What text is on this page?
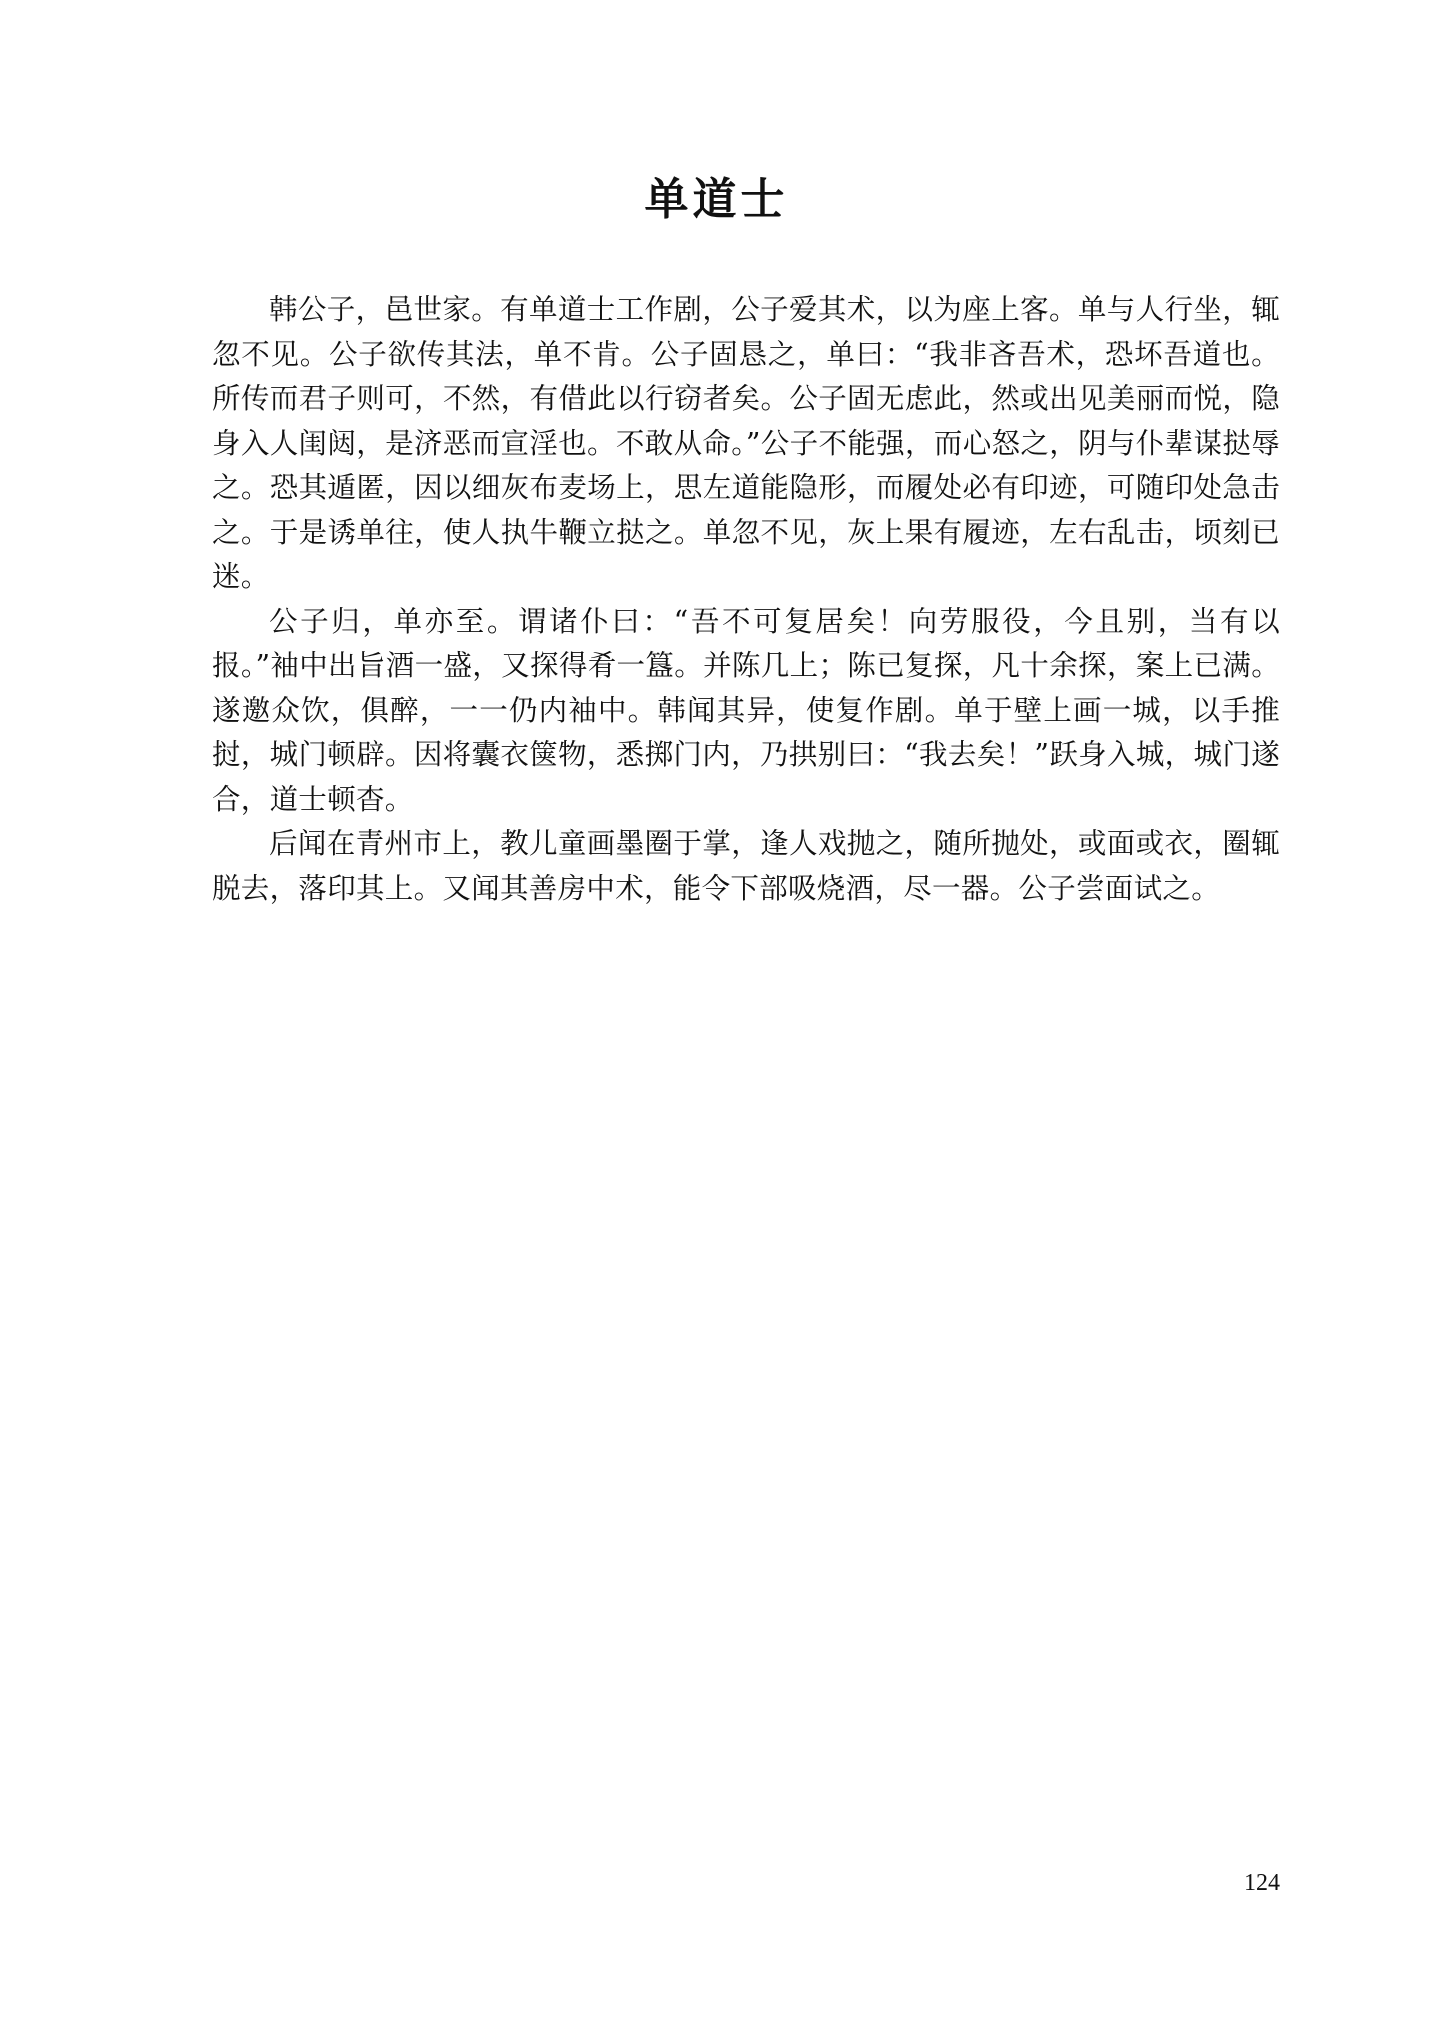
单道士

韩公子，邑世家。有单道士工作剧，公子爱其术，以为座上客。单与人行坐，辄忽不见。公子欲传其法，单不肯。公子固恳之，单曰：“我非吝吾术，恐坏吾道也。所传而君子则可，不然，有借此以行窃者矣。公子固无虑此，然或出见美丽而悦，隐身入人闺闼，是济恶而宣淫也。不敢从命。”公子不能强，而心怒之，阴与仆辈谋挞辱之。恐其遁匿，因以细灰布麦场上，思左道能隐形，而履处必有印迹，可随印处急击之。于是诱单往，使人执牛鞭立挞之。单忽不见，灰上果有履迹，左右乱击，顷刻已迷。

公子归，单亦至。谓诸仆曰：“吾不可复居矣！向劳服役，今且别，当有以报。”袖中出旨酒一盛，又探得肴一簋。并陈几上；陈已复探，凡十余探，案上已满。遂邀众饮，俱醉，一一仍内袖中。韩闻其异，使复作剧。单于壁上画一城，以手推挝，城门顿辟。因将囊衣箧物，悉掷门内，乃拱别曰：“我去矣！”跃身入城，城门遂合，道士顿杳。

后闻在青州市上，教儿童画墨圈于掌，逢人戏抛之，随所抛处，或面或衣，圈辄脱去，落印其上。又闻其善房中术，能令下部吸烧酒，尽一器。公子尝面试之。

124
